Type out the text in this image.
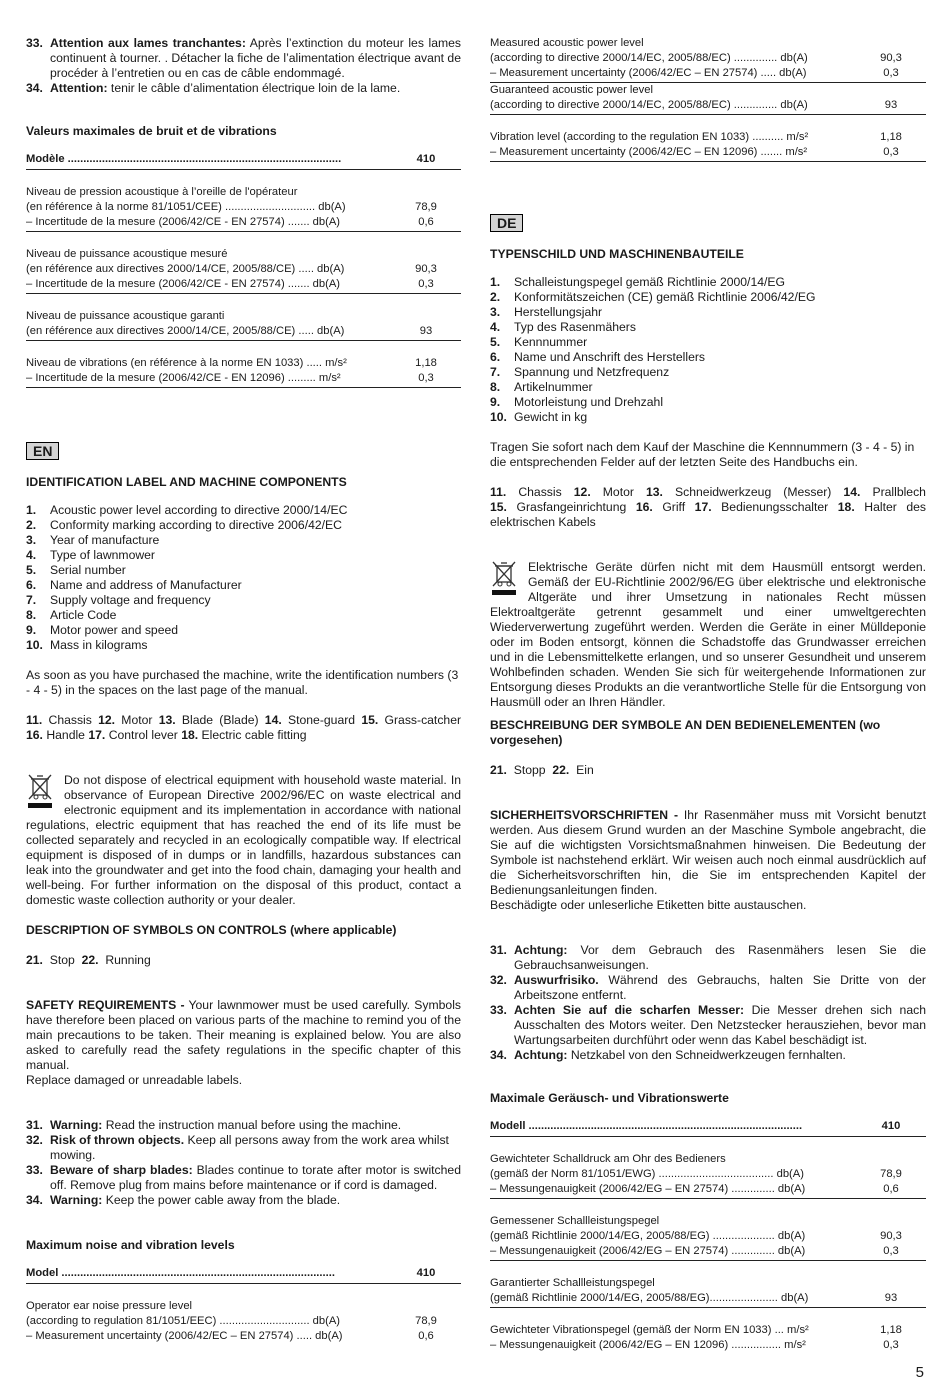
33. Attention aux lames tranchantes: Après l’extinction du moteur les lames continuent à tourner. . Détacher la fiche de l’alimentation électrique avant de procéder à l’entretien ou en cas de câble endommagé.
34. Attention: tenir le câble d’alimentation électrique loin de la lame.

Valeurs maximales de bruit et de vibrations

Modèle ........................................................................................	410
Niveau de pression acoustique à l’oreille de l'opérateur
(en référence à la norme 81/1051/CEE) ............................. db(A)	78,9
– Incertitude de la mesure (2006/42/CE - EN 27574) ....... db(A)	0,6
Niveau de puissance acoustique mesuré
(en référence aux directives 2000/14/CE, 2005/88/CE) ..... db(A)	90,3
– Incertitude de la mesure (2006/42/CE - EN 27574) ....... db(A)	0,3
Niveau de puissance acoustique garanti
(en référence aux directives 2000/14/CE, 2005/88/CE) ..... db(A)	93
Niveau de vibrations (en référence à la norme EN 1033) ..... m/s²	1,18
– Incertitude de la mesure (2006/42/CE - EN 12096) ......... m/s²	0,3
EN

IDENTIFICATION LABEL AND MACHINE COMPONENTS

1.	Acoustic power level according to directive 2000/14/EC
2.	Conformity marking according to directive 2006/42/EC
3.	Year of manufacture
4.	Type of lawnmower
5.	Serial number
6.	Name and address of Manufacturer
7.	Supply voltage and frequency
8.	Article Code
9.	Motor power and speed
10. Mass in kilograms

As soon as you have purchased the machine, write the identification numbers (3 - 4 - 5) in the spaces on the last page of the manual.

11. Chassis 12. Motor 13. Blade (Blade) 14. Stone-guard 15. Grass-catcher 16. Handle 17. Control lever 18. Electric cable fitting

Do not dispose of electrical equipment with household waste material. In observance of European Directive 2002/96/EC on waste electrical and electronic equipment and its implementation in accordance with national regulations, electric equipment that has reached the end of its life must be collected separately and recycled in an ecologically compatible way. If electrical equipment is disposed of in dumps or in landfills, hazardous substances can leak into the groundwater and get into the food chain, damaging your health and well-being. For further information on the disposal of this product, contact a domestic waste collection authority or your dealer.

DESCRIPTION OF SYMBOLS ON CONTROLS (where applicable)

21. Stop 22. Running

SAFETY REQUIREMENTS - Your lawnmower must be used carefully. Symbols have therefore been placed on various parts of the machine to remind you of the main precautions to be taken. Their meaning is explained below. You are also asked to carefully read the safety regulations in the specific chapter of this manual.

Replace damaged or unreadable labels.

31. Warning: Read the instruction manual before using the machine.
32. Risk of thrown objects. Keep all persons away from the work area whilst mowing.
33. Beware of sharp blades: Blades continue to torate after motor is switched off. Remove plug from mains before maintenance or if cord is damaged.
34. Warning: Keep the power cable away from the blade.

Maximum noise and vibration levels

Model ........................................................................................	410
Operator ear noise pressure level
(according to regulation 81/1051/EEC) ............................. db(A)	78,9
– Measurement uncertainty (2006/42/EC – EN 27574) ..... db(A)	0,6
Measured acoustic power level
(according to directive 2000/14/EC, 2005/88/EC) .............. db(A)	90,3
– Measurement uncertainty (2006/42/EC – EN 27574) ..... db(A)	0,3
Guaranteed acoustic power level
(according to directive 2000/14/EC, 2005/88/EC) .............. db(A)	93
Vibration level (according to the regulation EN 1033) .......... m/s²	1,18
– Measurement uncertainty (2006/42/EC – EN 12096) ....... m/s²	0,3
DE

TYPENSCHILD UND MASCHINENBAUTEILE

1.	Schalleistungspegel gemäß Richtlinie 2000/14/EG
2.	Konformitätszeichen (CE) gemäß Richtlinie 2006/42/EG
3.	Herstellungsjahr
4.	Typ des Rasenmähers
5.	Kennnummer
6.	Name und Anschrift des Herstellers
7.	Spannung und Netzfrequenz
8.	Artikelnummer
9.	Motorleistung und Drehzahl
10. Gewicht in kg

Tragen Sie sofort nach dem Kauf der Maschine die Kennnummern (3 - 4 - 5) in die entsprechenden Felder auf der letzten Seite des Handbuchs ein.

11. Chassis 12. Motor 13. Schneidwerkzeug (Messer) 14. Prallblech 15. Grasfangeinrichtung 16. Griff 17. Bedienungsschalter 18. Halter des elektrischen Kabels

Elektrische Geräte dürfen nicht mit dem Hausmüll entsorgt werden. Gemäß der EU-Richtlinie 2002/96/EG über elektrische und elektronische Altgeräte und ihrer Umsetzung in nationales Recht müssen Elektroaltgeräte getrennt gesammelt und einer umweltgerechten Wiederverwertung zugeführt werden. Werden die Geräte in einer Mülldeponie oder im Boden entsorgt, können die Schadstoffe das Grundwasser erreichen und in die Lebensmittelkette erlangen, und so unserer Gesundheit und unserem Wohlbefinden schaden. Wenden Sie sich für weitergehende Informationen zur Entsorgung dieses Produkts an die verantwortliche Stelle für die Entsorgung von Hausmüll oder an Ihren Händler.

BESCHREIBUNG DER SYMBOLE AN DEN BEDIENELEMENTEN (wo vorgesehen)

21. Stopp 22. Ein

SICHERHEITSVORSCHRIFTEN - Ihr Rasenmäher muss mit Vorsicht benutzt werden. Aus diesem Grund wurden an der Maschine Symbole angebracht, die Sie auf die wichtigsten Vorsichtsmaßnahmen hinweisen. Die Bedeutung der Symbole ist nachstehend erklärt. Wir weisen auch noch einmal ausdrücklich auf die Sicherheitsvorschriften hin, die Sie im entsprechenden Kapitel der Bedienungsanleitungen finden.

Beschädigte oder unleserliche Etiketten bitte austauschen.

31. Achtung: Vor dem Gebrauch des Rasenmähers lesen Sie die Gebrauchsanweisungen.
32. Auswurfrisiko. Während des Gebrauchs, halten Sie Dritte von der Arbeitszone entfernt.
33. Achten Sie auf die scharfen Messer: Die Messer drehen sich nach Ausschalten des Motors weiter. Den Netzstecker herausziehen, bevor man Wartungsarbeiten durchführt oder wenn das Kabel beschädigt ist.
34. Achtung: Netzkabel von den Schneidwerkzeugen fernhalten.

Maximale Geräusch- und Vibrationswerte

Modell ........................................................................................	410
Gewichteter Schalldruck am Ohr des Bedieners
(gemäß der Norm 81/1051/EWG) ..................................... db(A)	78,9
– Messungenauigkeit (2006/42/EG – EN 27574) .............. db(A)	0,6
Gemessener Schallleistungspegel
(gemäß Richtlinie 2000/14/EG, 2005/88/EG) .................... db(A)	90,3
– Messungenauigkeit (2006/42/EG – EN 27574) .............. db(A)	0,3
Garantierter Schallleistungspegel
(gemäß Richtlinie 2000/14/EG, 2005/88/EG)...................... db(A)	93
Gewichteter Vibrationspegel (gemäß der Norm EN 1033) ... m/s²	1,18
– Messungenauigkeit (2006/42/EG – EN 12096) ................ m/s²	0,3
5
